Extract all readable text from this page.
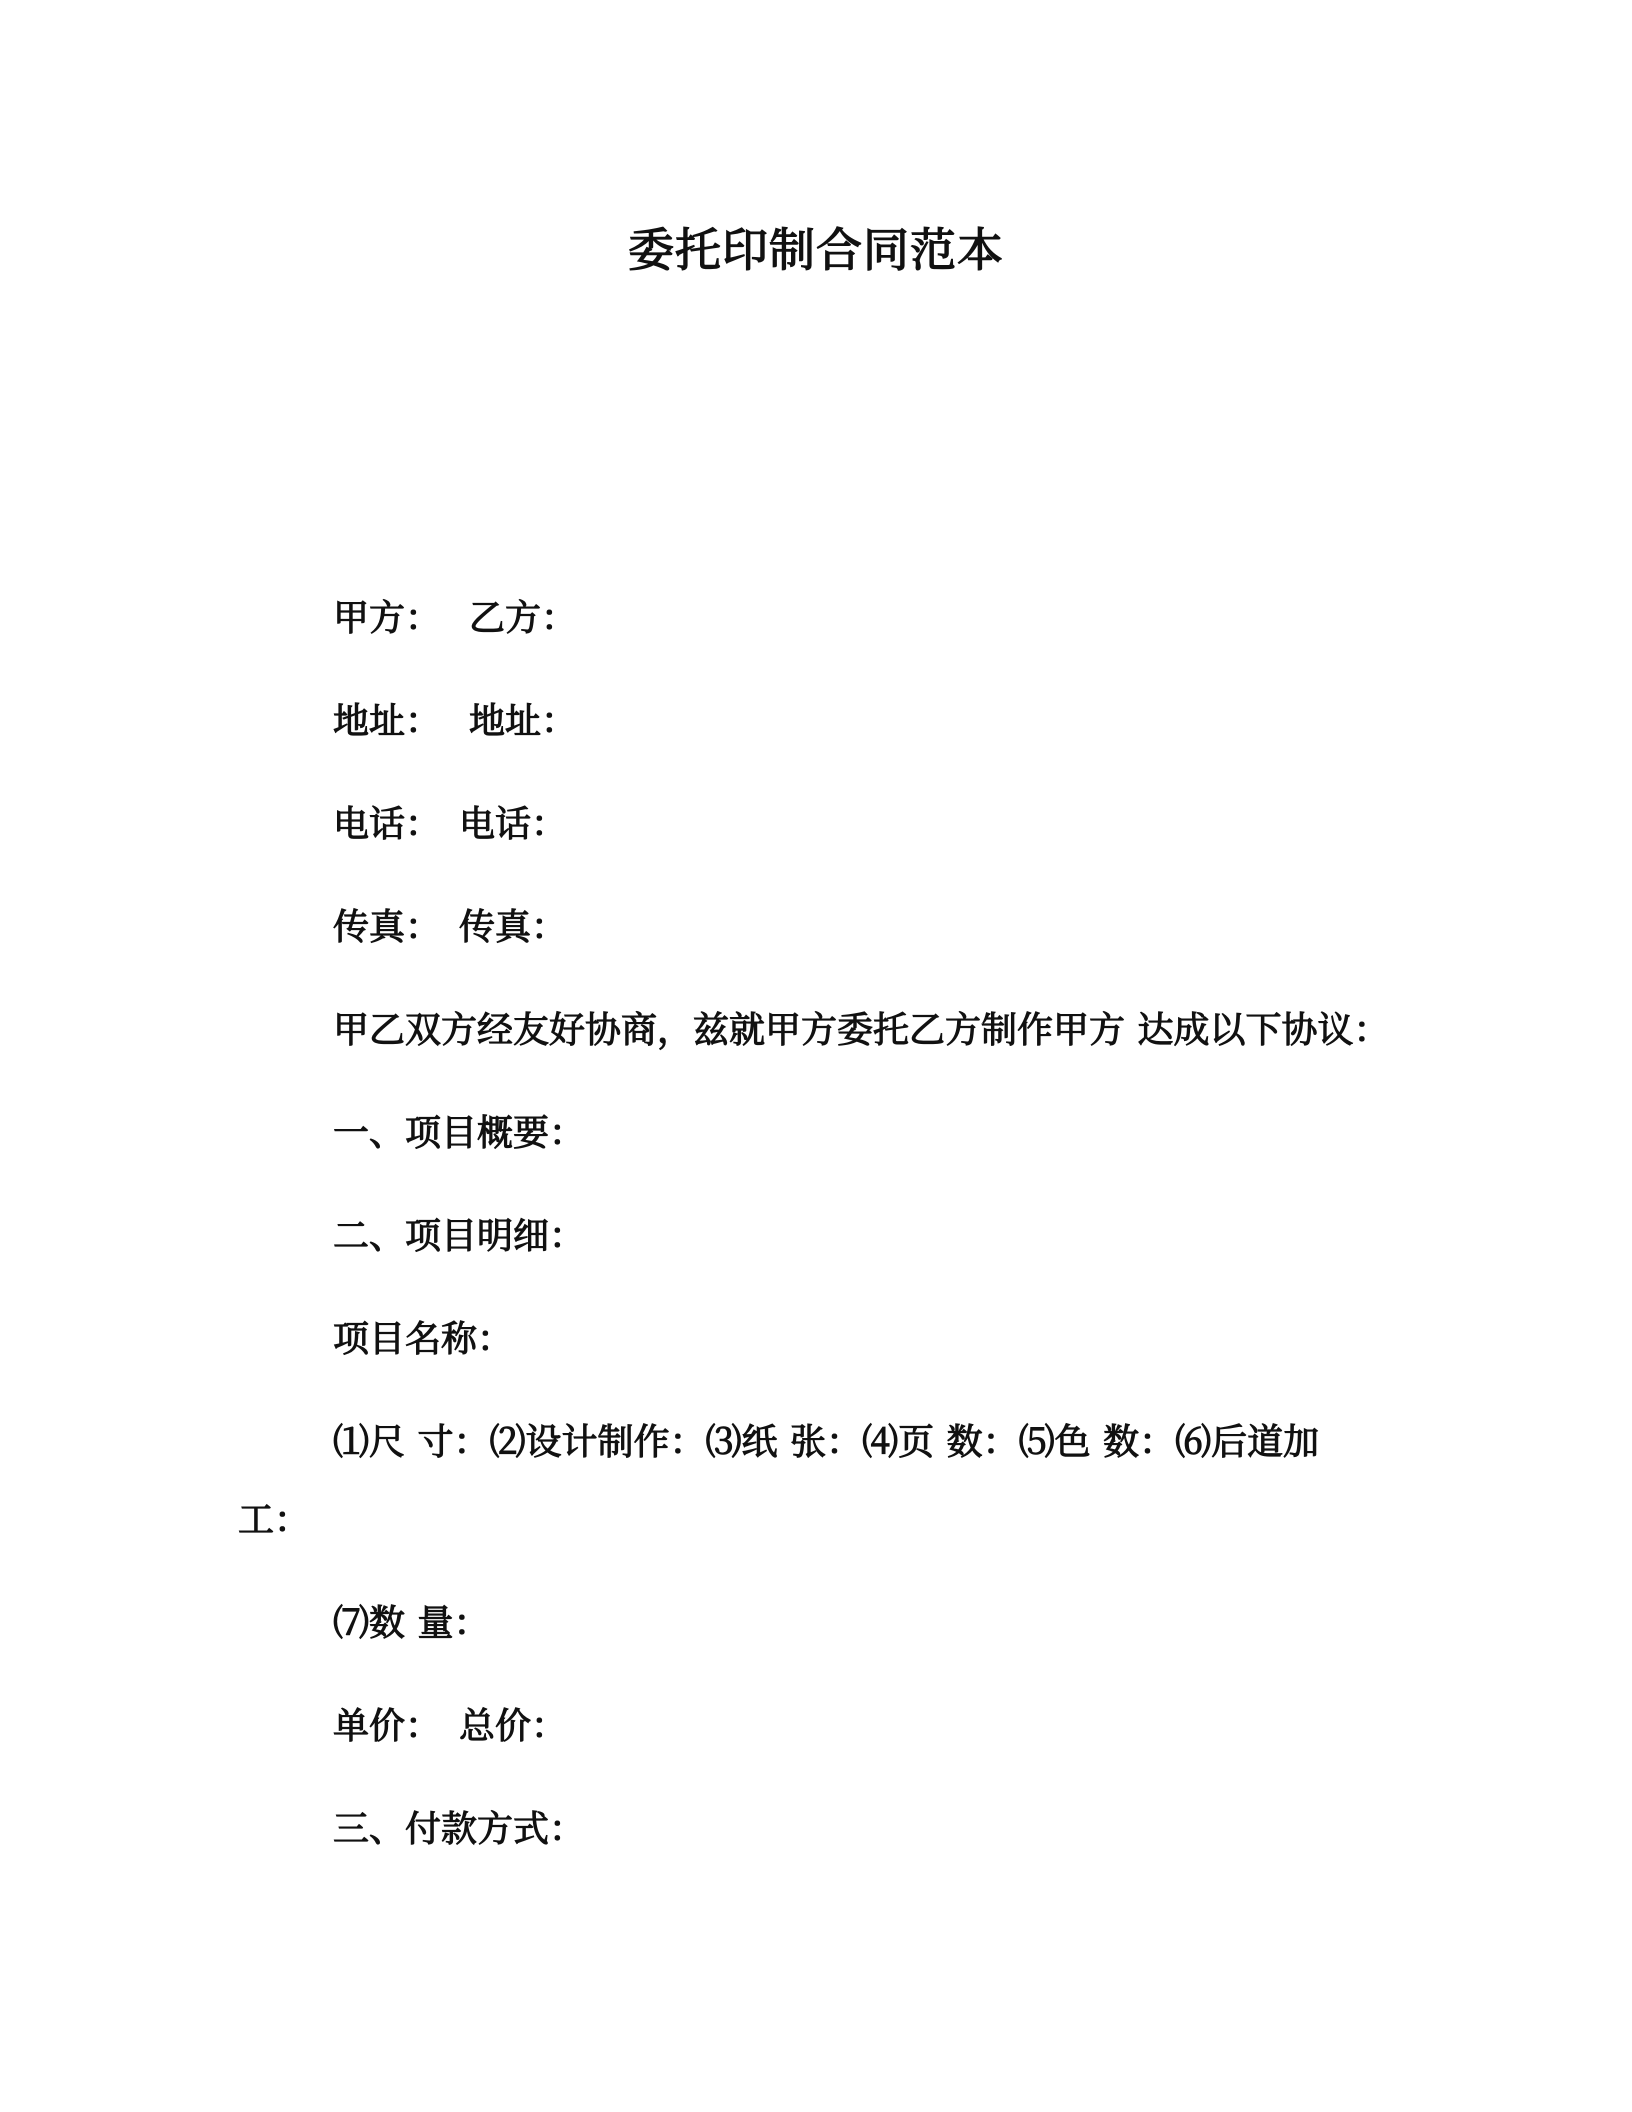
委托印制合同范本
甲方： 乙方：
地址： 地址：
电话： 电话：
传真： 传真：
甲乙双方经友好协商，兹就甲方委托乙方制作甲方 达成以下协议：
一、项目概要：
二、项目明细：
项目名称：
⑴尺 寸：⑵设计制作：⑶纸 张：⑷页 数：⑸色 数：⑹后道加
工：
⑺数 量：
单价： 总价：
三、付款方式：
